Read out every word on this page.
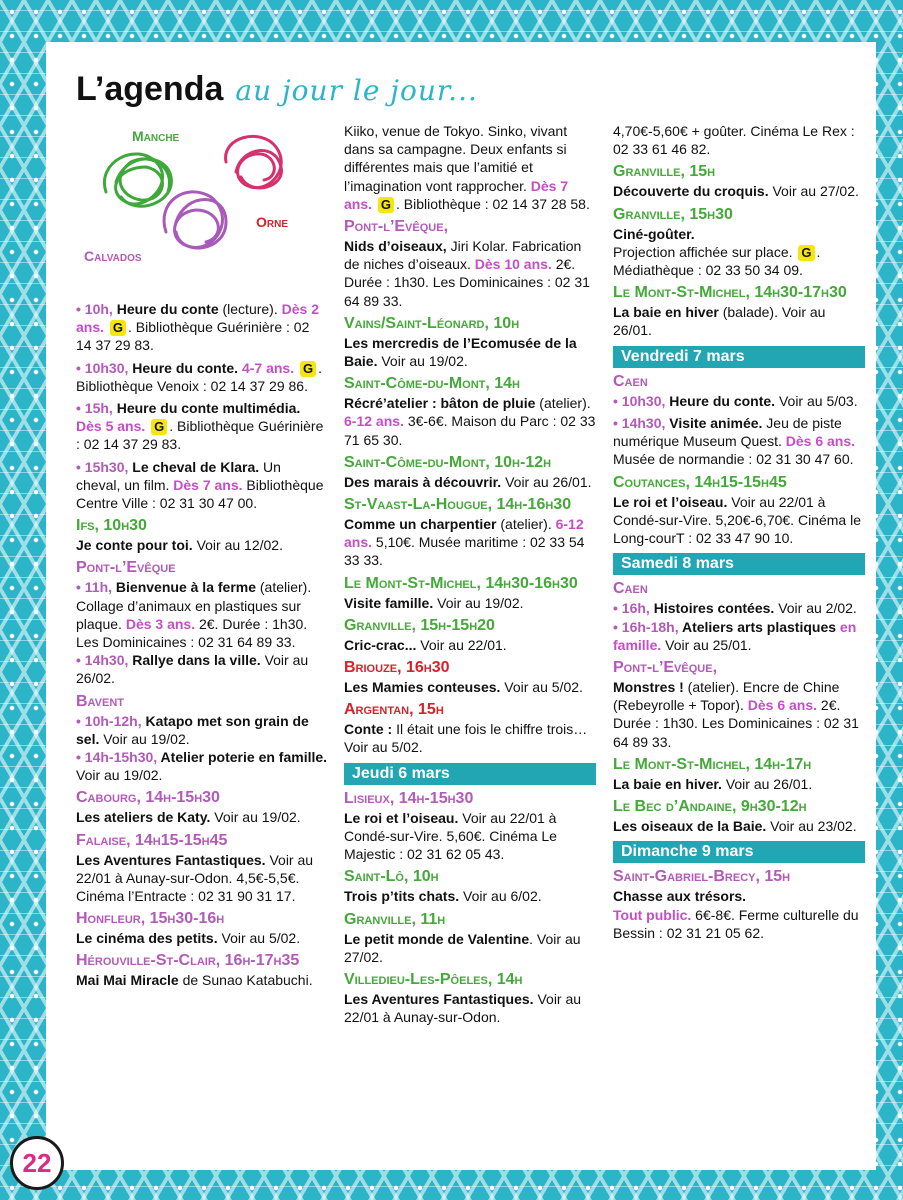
L’agenda au jour le jour...
Manche
Orne
Calvados
• 10h, Heure du conte (lecture). Dès 2 ans. G . Bibliothèque Guérinière : 02 14 37 29 83.
• 10h30, Heure du conte. 4-7 ans. G . Bibliothèque Venoix : 02 14 37 29 86.
• 15h, Heure du conte multimédia. Dès 5 ans. G . Bibliothèque Guérinière : 02 14 37 29 83.
• 15h30, Le cheval de Klara. Un cheval, un film. Dès 7 ans. Bibliothèque Centre Ville : 02 31 30 47 00.
Ifs, 10h30
Je conte pour toi. Voir au 12/02.
Pont-l’Evêque
• 11h, Bienvenue à la ferme (atelier). Collage d’animaux en plastiques sur plaque. Dès 3 ans. 2€. Durée : 1h30. Les Dominicaines : 02 31 64 89 33.
• 14h30, Rallye dans la ville. Voir au 26/02.
Bavent
• 10h-12h, Katapo met son grain de sel. Voir au 19/02.
• 14h-15h30, Atelier poterie en famille. Voir au 19/02.
Cabourg, 14h-15h30
Les ateliers de Katy. Voir au 19/02.
Falaise, 14h15-15h45
Les Aventures Fantastiques. Voir au 22/01 à Aunay-sur-Odon. 4,5€-5,5€. Cinéma l’Entracte : 02 31 90 31 17.
Honfleur, 15h30-16h
Le cinéma des petits. Voir au 5/02.
Hérouville-St-Clair, 16h-17h35
Mai Mai Miracle de Sunao Katabuchi.
Kiiko, venue de Tokyo. Sinko, vivant dans sa campagne. Deux enfants si différentes mais que l’amitié et l’imagination vont rapprocher. Dès 7 ans. G . Bibliothèque : 02 14 37 28 58.
Pont-l’Evêque,
Nids d’oiseaux, Jiri Kolar. Fabrication de niches d’oiseaux. Dès 10 ans. 2€. Durée : 1h30. Les Dominicaines : 02 31 64 89 33.
Vains/Saint-Léonard, 10h
Les mercredis de l’Ecomusée de la Baie. Voir au 19/02.
Saint-Côme-du-Mont, 14h
Récré’atelier : bâton de pluie (atelier). 6-12 ans. 3€-6€. Maison du Parc : 02 33 71 65 30.
Saint-Côme-du-Mont, 10h-12h
Des marais à découvrir. Voir au 26/01.
St-Vaast-La-Hougue, 14h-16h30
Comme un charpentier (atelier). 6-12 ans. 5,10€. Musée maritime : 02 33 54 33 33.
Le Mont-St-Michel, 14h30-16h30
Visite famille. Voir au 19/02.
Granville, 15h-15h20
Cric-crac... Voir au 22/01.
Briouze, 16h30
Les Mamies conteuses. Voir au 5/02.
Argentan, 15h
Conte : Il était une fois le chiffre trois… Voir au 5/02.
Jeudi 6 mars
Lisieux, 14h-15h30
Le roi et l’oiseau. Voir au 22/01 à Condé-sur-Vire. 5,60€. Cinéma Le Majestic : 02 31 62 05 43.
Saint-Lô, 10h
Trois p’tits chats. Voir au 6/02.
Granville, 11h
Le petit monde de Valentine. Voir au 27/02.
Villedieu-Les-Pôeles, 14h
Les Aventures Fantastiques. Voir au 22/01 à Aunay-sur-Odon.
4,70€-5,60€ + goûter. Cinéma Le Rex : 02 33 61 46 82.
Granville, 15h
Découverte du croquis. Voir au 27/02.
Granville, 15h30
Ciné-goûter.
Projection affichée sur place. G . Médiathèque : 02 33 50 34 09.
Le Mont-St-Michel, 14h30-17h30
La baie en hiver (balade). Voir au 26/01.
Vendredi 7 mars
Caen
• 10h30, Heure du conte. Voir au 5/03.
• 14h30, Visite animée. Jeu de piste numérique Museum Quest. Dès 6 ans. Musée de normandie : 02 31 30 47 60.
Coutances, 14h15-15h45
Le roi et l’oiseau. Voir au 22/01 à Condé-sur-Vire. 5,20€-6,70€. Cinéma le Long-courT : 02 33 47 90 10.
Samedi 8 mars
Caen
• 16h, Histoires contées. Voir au 2/02.
• 16h-18h, Ateliers arts plastiques en famille. Voir au 25/01.
Pont-l’Evêque,
Monstres ! (atelier). Encre de Chine (Rebeyrolle + Topor). Dès 6 ans. 2€. Durée : 1h30. Les Dominicaines : 02 31 64 89 33.
Le Mont-St-Michel, 14h-17h
La baie en hiver. Voir au 26/01.
Le Bec d’Andaine, 9h30-12h
Les oiseaux de la Baie. Voir au 23/02.
Dimanche 9 mars
Saint-Gabriel-Brecy, 15h
Chasse aux trésors.
Tout public. 6€-8€. Ferme culturelle du Bessin : 02 31 21 05 62.
22
